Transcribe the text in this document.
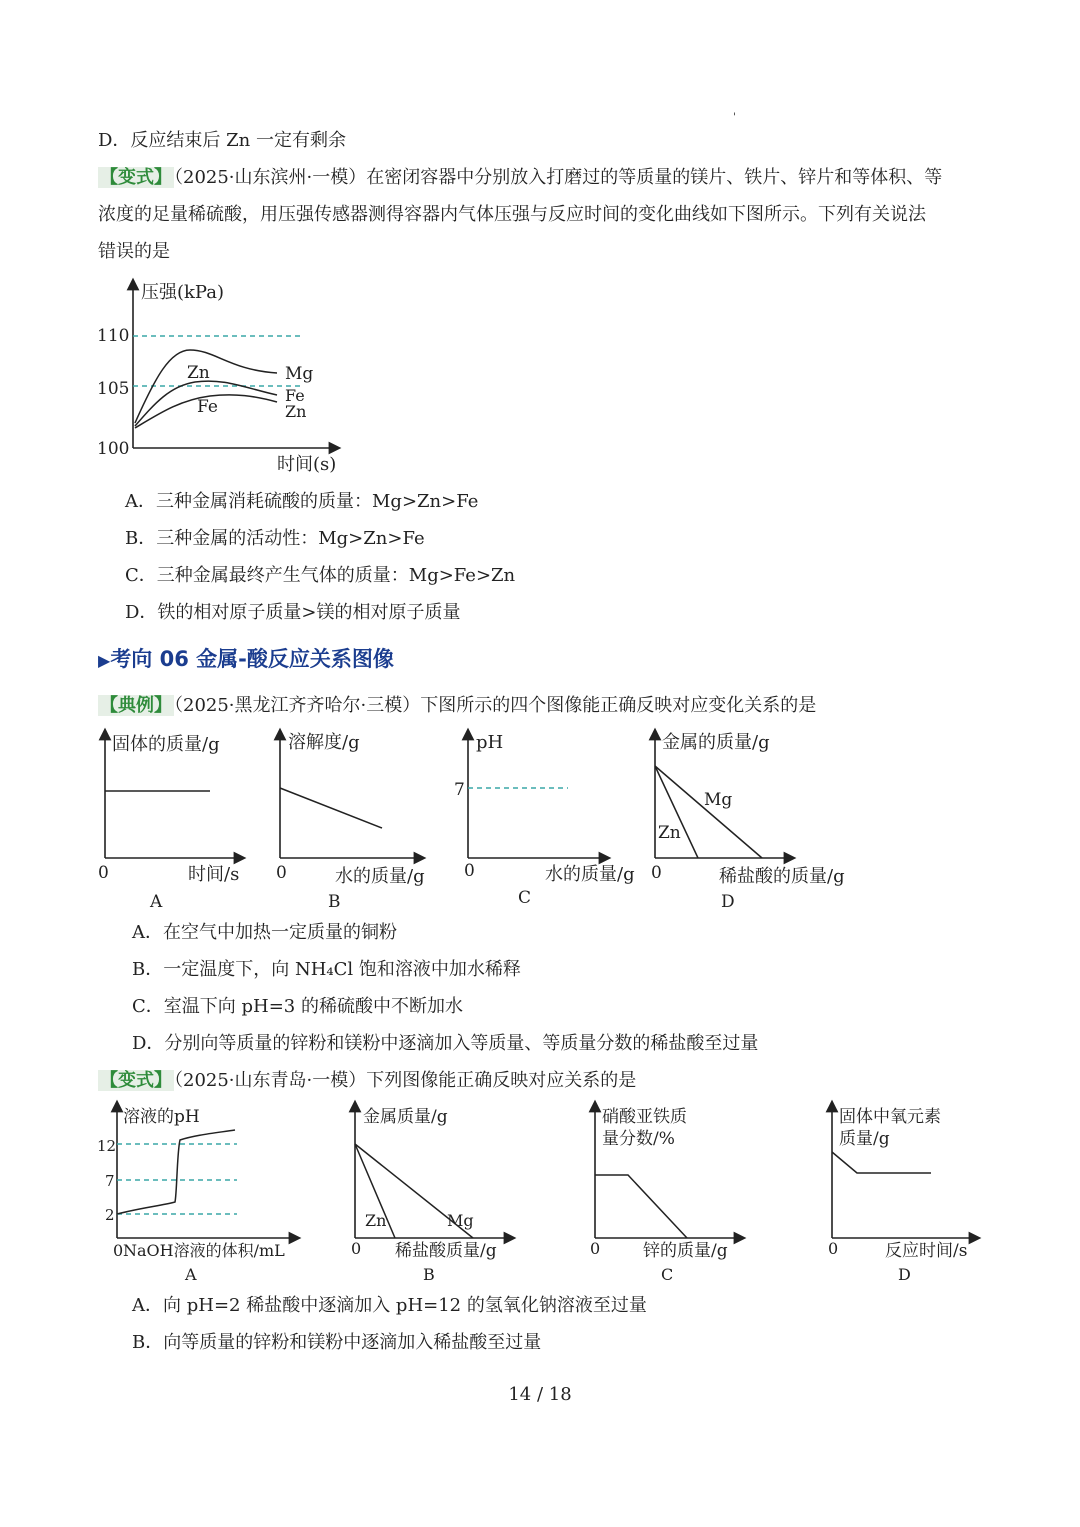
'
D．反应结束后 Zn 一定有剩余
【变式】 （2025·山东滨州·一模）在密闭容器中分别放入打磨过的等质量的镁片、铁片、锌片和等体积、等
浓度的足量稀硫酸，用压强传感器测得容器内气体压强与反应时间的变化曲线如下图所示。下列有关说法
错误的是
压强(kPa)
时间(s)
110
105
100
Zn
Fe
Mg
Fe
Zn
A．三种金属消耗硫酸的质量：Mg>Zn>Fe
B．三种金属的活动性：Mg>Zn>Fe
C．三种金属最终产生气体的质量：Mg>Fe>Zn
D．铁的相对原子质量>镁的相对原子质量
▶考向 06 金属-酸反应关系图像
【典例】 （2025·黑龙江齐齐哈尔·三模）下图所示的四个图像能正确反映对应变化关系的是
固体的质量/g
时间/s
0
A
溶解度/g
水的质量/g
0
B
pH
7
水的质量/g
0
C
金属的质量/g
Mg
Zn
稀盐酸的质量/g
0
D
A．在空气中加热一定质量的铜粉
B．一定温度下，向 NH₄Cl 饱和溶液中加水稀释
C．室温下向 pH=3 的稀硫酸中不断加水
D．分别向等质量的锌粉和镁粉中逐滴加入等质量、等质量分数的稀盐酸至过量
【变式】 （2025·山东青岛·一模）下列图像能正确反映对应关系的是
溶液的pH
12
7
2
0 NaOH溶液的体积/mL
A
金属质量/g
Zn	Mg
0 稀盐酸质量/g
B
硝酸亚铁质
量分数/%
0	锌的质量/g
C
固体中氧元素
质量/g
0	反应时间/s
D
A．向 pH=2 稀盐酸中逐滴加入 pH=12 的氢氧化钠溶液至过量
B．向等质量的锌粉和镁粉中逐滴加入稀盐酸至过量
14 / 18
